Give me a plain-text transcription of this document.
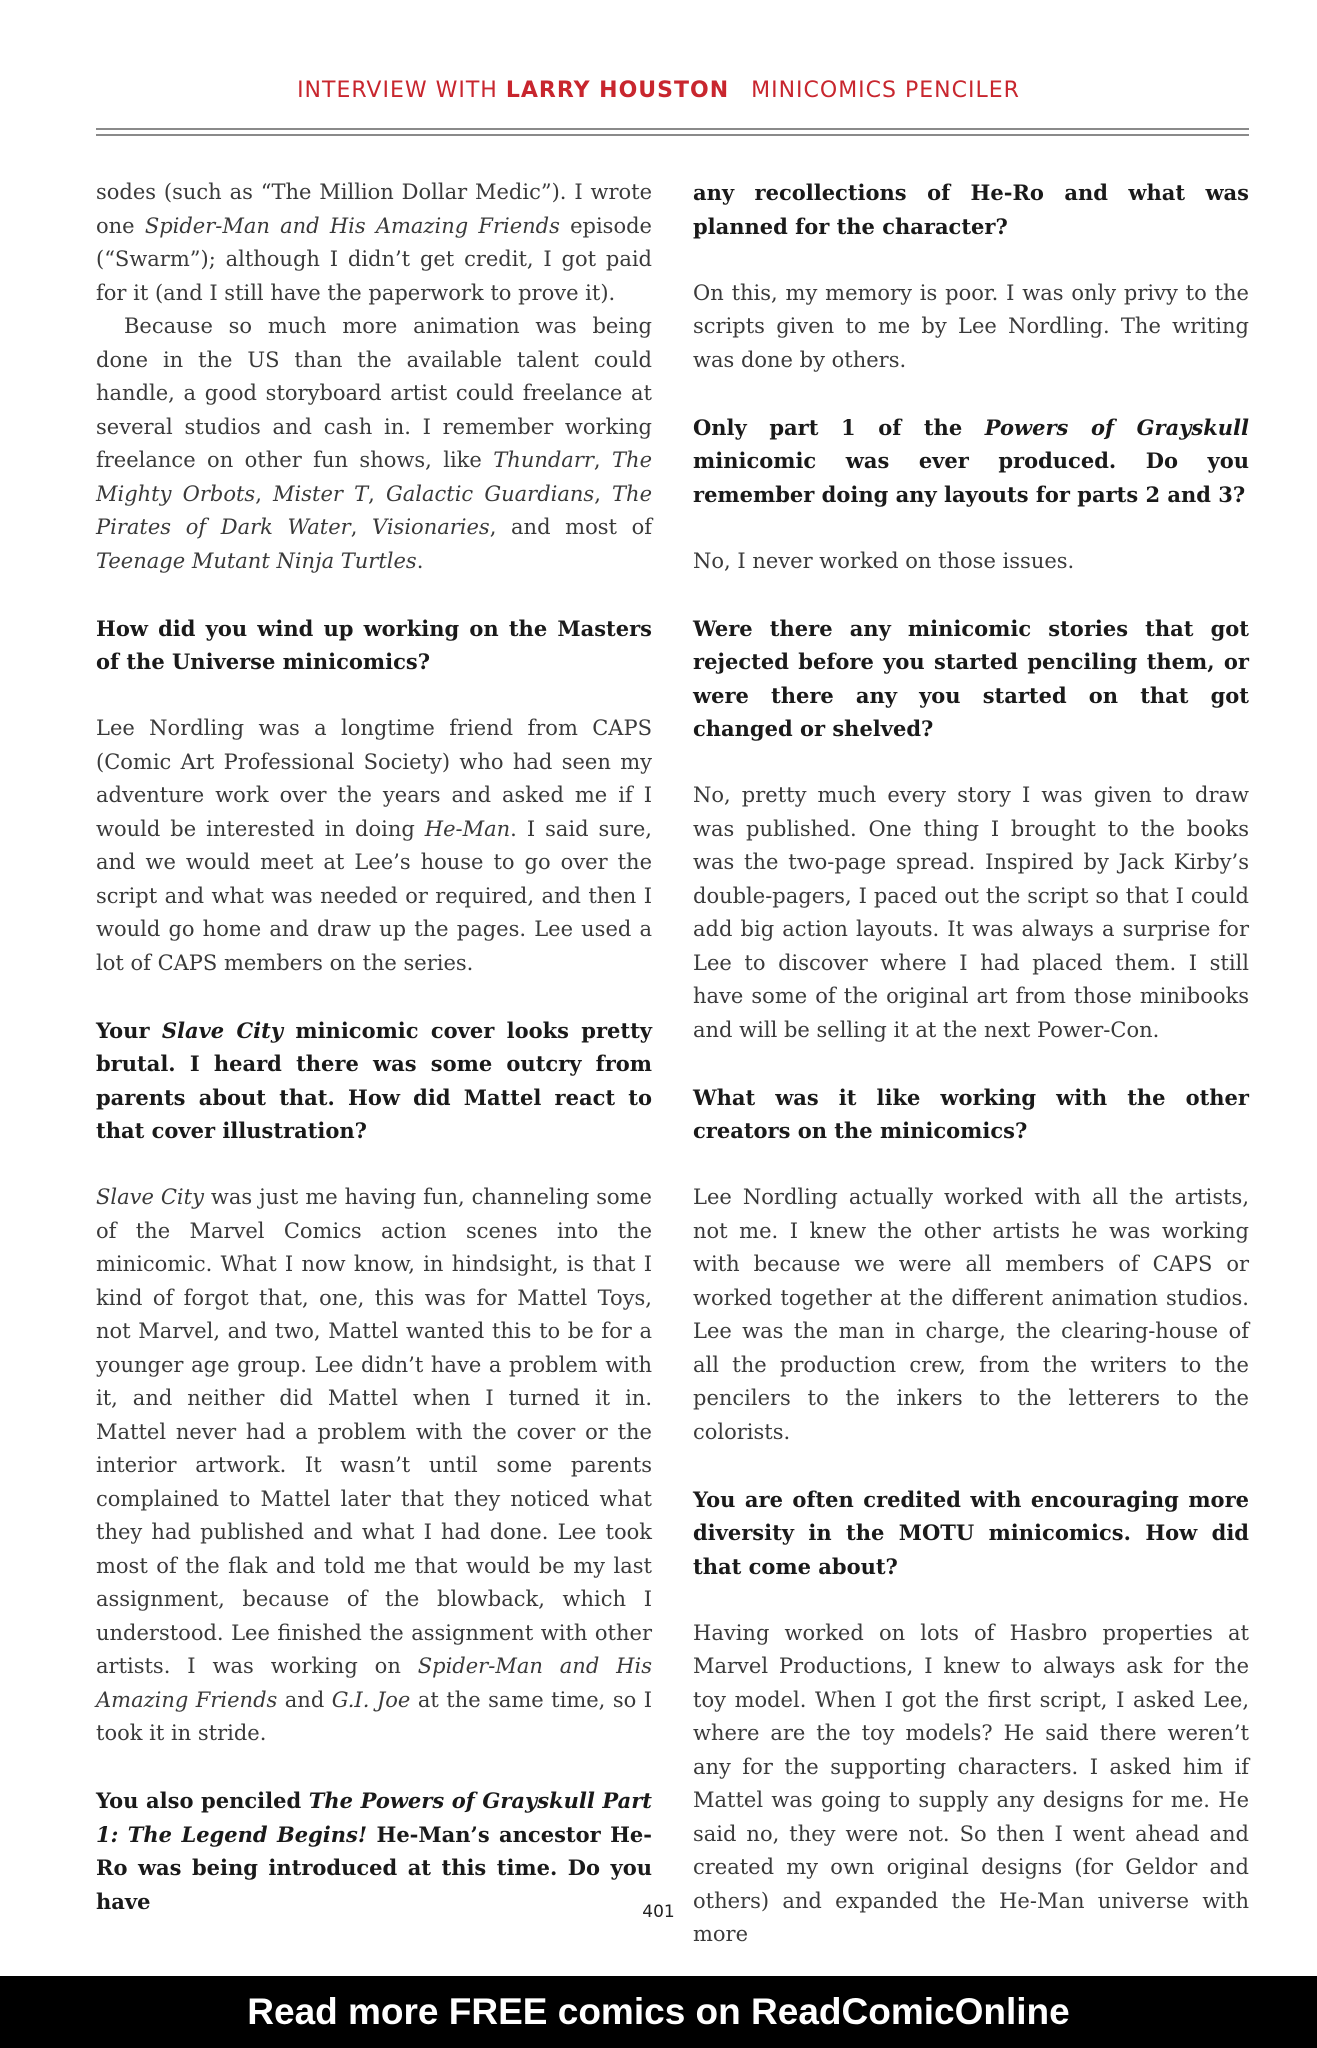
INTERVIEW WITH LARRY HOUSTON MINICOMICS PENCILER

sodes (such as “The Million Dollar Medic”). I wrote one Spider-Man and His Amazing Friends episode (“Swarm”); although I didn’t get credit, I got paid for it (and I still have the paperwork to prove it).

Because so much more animation was being done in the US than the available talent could handle, a good storyboard artist could freelance at several studios and cash in. I remember working freelance on other fun shows, like Thundarr, The Mighty Orbots, Mister T, Galactic Guardians, The Pirates of Dark Water, Visionaries, and most of Teenage Mutant Ninja Turtles.

How did you wind up working on the Masters of the Universe minicomics?

Lee Nordling was a longtime friend from CAPS (Comic Art Professional Society) who had seen my adventure work over the years and asked me if I would be interested in doing He-Man. I said sure, and we would meet at Lee’s house to go over the script and what was needed or required, and then I would go home and draw up the pages. Lee used a lot of CAPS members on the series.

Your Slave City minicomic cover looks pretty brutal. I heard there was some outcry from parents about that. How did Mattel react to that cover illustration?

Slave City was just me having fun, channeling some of the Marvel Comics action scenes into the minicomic. What I now know, in hindsight, is that I kind of forgot that, one, this was for Mattel Toys, not Marvel, and two, Mattel wanted this to be for a younger age group. Lee didn’t have a problem with it, and neither did Mattel when I turned it in. Mattel never had a problem with the cover or the interior artwork. It wasn’t until some parents complained to Mattel later that they noticed what they had published and what I had done. Lee took most of the flak and told me that would be my last assignment, because of the blowback, which I understood. Lee finished the assignment with other artists. I was working on Spider-Man and His Amazing Friends and G.I. Joe at the same time, so I took it in stride.

You also penciled The Powers of Grayskull Part 1: The Legend Begins! He-Man’s ancestor He-Ro was being introduced at this time. Do you have

any recollections of He-Ro and what was planned for the character?

On this, my memory is poor. I was only privy to the scripts given to me by Lee Nordling. The writing was done by others.

Only part 1 of the Powers of Grayskull minicomic was ever produced. Do you remember doing any layouts for parts 2 and 3?

No, I never worked on those issues.

Were there any minicomic stories that got rejected before you started penciling them, or were there any you started on that got changed or shelved?

No, pretty much every story I was given to draw was published. One thing I brought to the books was the two-page spread. Inspired by Jack Kirby’s double-pagers, I paced out the script so that I could add big action layouts. It was always a surprise for Lee to discover where I had placed them. I still have some of the original art from those minibooks and will be selling it at the next Power-Con.

What was it like working with the other creators on the minicomics?

Lee Nordling actually worked with all the artists, not me. I knew the other artists he was working with because we were all members of CAPS or worked together at the different animation studios. Lee was the man in charge, the clearing-house of all the production crew, from the writers to the pencilers to the inkers to the letterers to the colorists.

You are often credited with encouraging more diversity in the MOTU minicomics. How did that come about?

Having worked on lots of Hasbro properties at Marvel Productions, I knew to always ask for the toy model. When I got the first script, I asked Lee, where are the toy models? He said there weren’t any for the supporting characters. I asked him if Mattel was going to supply any designs for me. He said no, they were not. So then I went ahead and created my own original designs (for Geldor and others) and expanded the He-Man universe with more

401
Read more FREE comics on ReadComicOnline
